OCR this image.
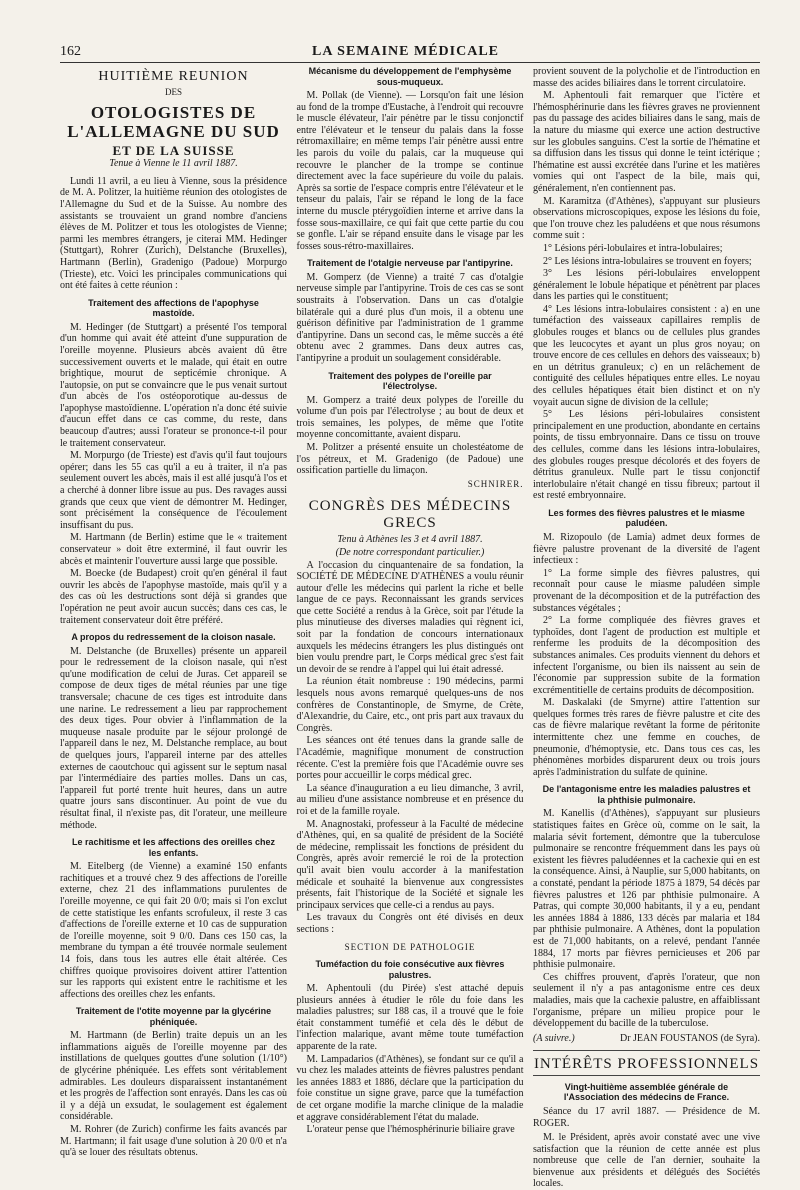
162	LA SEMAINE MÉDICALE
HUITIÈME REUNION
DES
OTOLOGISTES DE L'ALLEMAGNE DU SUD
ET DE LA SUISSE
Tenue à Vienne le 11 avril 1887.

Lundi 11 avril, a eu lieu à Vienne, sous la présidence de M. A. Politzer, la huitième réunion des otologistes de l'Allemagne du Sud et de la Suisse. Au nombre des assistants se trouvaient un grand nombre d'anciens élèves de M. Politzer et tous les otologistes de Vienne; parmi les membres étrangers, je citerai MM. Hedinger (Stuttgart), Rohrer (Zurich), Delstanche (Bruxelles), Hartmann (Berlin), Gradenigo (Padoue) Morpurgo (Trieste), etc. Voici les principales communications qui ont été faites à cette réunion :

Traitement des affections de l'apophyse mastoïde.

M. Hedinger (de Stuttgart) a présenté l'os temporal d'un homme qui avait été atteint d'une suppuration de l'oreille moyenne. Plusieurs abcès avaient dû être successivement ouverts et le malade, qui était en outre brightique, mourut de septicémie chronique. A l'autopsie, on put se convaincre que le pus venait surtout d'un abcès de l'os ostéoporotique au-dessus de l'apophyse mastoïdienne. L'opération n'a donc été suivie d'aucun effet dans ce cas comme, du reste, dans beaucoup d'autres; aussi l'orateur se prononce-t-il pour le traitement conservateur.

M. Morpurgo (de Trieste) est d'avis qu'il faut toujours opérer; dans les 55 cas qu'il a eu à traiter, il n'a pas seulement ouvert les abcès, mais il est allé jusqu'à l'os et a cherché à donner libre issue au pus. Des ravages aussi grands que ceux que vient de démontrer M. Hedinger, sont précisément la conséquence de l'écoulement insuffisant du pus.

M. Hartmann (de Berlin) estime que le « traitement conservateur » doit être exterminé, il faut ouvrir les abcès et maintenir l'ouverture aussi large que possible.

M. Boecke (de Budapest) croit qu'en général il faut ouvrir les abcès de l'apophyse mastoïde, mais qu'il y a des cas où les destructions sont déjà si grandes que l'opération ne peut avoir aucun succès; dans ces cas, le traitement conservateur doit être préféré.

A propos du redressement de la cloison nasale.

M. Delstanche (de Bruxelles) présente un appareil pour le redressement de la cloison nasale, qui n'est qu'une modification de celui de Juras. Cet appareil se compose de deux tiges de métal réunies par une tige transversale; chacune de ces tiges est introduite dans une narine. Le redressement a lieu par rapprochement des deux tiges. Pour obvier à l'inflammation de la muqueuse nasale produite par le séjour prolongé de l'appareil dans le nez, M. Delstanche remplace, au bout de quelques jours, l'appareil interne par des attelles externes de caoutchouc qui agissent sur le septum nasal par l'intermédiaire des parties molles. Dans un cas, l'appareil fut porté trente huit heures, dans un autre quatre jours sans discontinuer. Au point de vue du résultat final, il n'existe pas, dit l'orateur, une meilleure méthode.

Le rachitisme et les affections des oreilles chez les enfants.

M. Eitelberg (de Vienne) a examiné 150 enfants rachitiques et a trouvé chez 9 des affections de l'oreille externe, chez 21 des inflammations purulentes de l'oreille moyenne, ce qui fait 20 0/0; mais si l'on exclut de cette statistique les enfants scrofuleux, il reste 3 cas d'affections de l'oreille externe et 10 cas de suppuration de l'oreille moyenne, soit 9 0/0. Dans ces 150 cas, la membrane du tympan a été trouvée normale seulement 14 fois, dans tous les autres elle était altérée. Ces chiffres quoique provisoires doivent attirer l'attention sur les rapports qui existent entre le rachitisme et les affections des oreilles chez les enfants.

Traitement de l'otite moyenne par la glycérine phéniquée.

M. Hartmann (de Berlin) traite depuis un an les inflammations aiguës de l'oreille moyenne par des instillations de quelques gouttes d'une solution (1/10°) de glycérine phéniquée. Les effets sont véritablement admirables. Les douleurs disparaissent instantanément et les progrès de l'affection sont enrayés. Dans les cas où il y a déjà un exsudat, le soulagement est également considérable.

M. Rohrer (de Zurich) confirme les faits avancés par M. Hartmann; il fait usage d'une solution à 20 0/0 et n'a qu'à se louer des résultats obtenus.

Mécanisme du développement de l'emphysème sous-muqueux.

M. Pollak (de Vienne). — Lorsqu'on fait une lésion au fond de la trompe d'Eustache, à l'endroit qui recouvre le muscle élévateur, l'air pénètre par le tissu conjonctif entre l'élévateur et le tenseur du palais dans la fosse rétromaxillaire; en même temps l'air pénètre aussi entre les parois du voile du palais, car la muqueuse qui recouvre le plancher de la trompe se continue directement avec la face supérieure du voile du palais. Après sa sortie de l'espace compris entre l'élévateur et le tenseur du palais, l'air se répand le long de la face interne du muscle ptérygoïdien interne et arrive dans la fosse sous-maxillaire, ce qui fait que cette partie du cou se gonfle. L'air se répand ensuite dans le visage par les fosses sous-rétro-maxillaires.

Traitement de l'otalgie nerveuse par l'antipyrine.

M. Gomperz (de Vienne) a traité 7 cas d'otalgie nerveuse simple par l'antipyrine. Trois de ces cas se sont soustraits à l'observation. Dans un cas d'otalgie bilatérale qui a duré plus d'un mois, il a obtenu une guérison définitive par l'administration de 1 gramme d'antipyrine. Dans un second cas, le même succès a été obtenu avec 2 grammes. Dans deux autres cas, l'antipyrine a produit un soulagement considérable.

Traitement des polypes de l'oreille par l'électrolyse.

M. Gomperz a traité deux polypes de l'oreille du volume d'un pois par l'électrolyse ; au bout de deux et trois semaines, les polypes, de même que l'otite moyenne concomittante, avaient disparu.

M. Politzer a présenté ensuite un cholestéatome de l'os pétreux, et M. Gradenigo (de Padoue) une ossification partielle du limaçon.

SCHNIRER.
CONGRÈS DES MÉDECINS GRECS
Tenu à Athènes les 3 et 4 avril 1887.
(De notre correspondant particulier.)

A l'occasion du cinquantenaire de sa fondation, la SOCIÉTÉ DE MÉDECINE D'ATHÈNES a voulu réunir autour d'elle les médecins qui parlent la riche et belle langue de ce pays. Reconnaissant les grands services que cette Société a rendus à la Grèce, soit par l'étude la plus minutieuse des diverses maladies qui règnent ici, soit par la fondation de concours internationaux auxquels les médecins étrangers les plus distingués ont bien voulu prendre part, le Corps médical grec s'est fait un devoir de se rendre à l'appel qui lui était adressé.

La réunion était nombreuse : 190 médecins, parmi lesquels nous avons remarqué quelques-uns de nos confrères de Constantinople, de Smyrne, de Crète, d'Alexandrie, du Caire, etc., ont pris part aux travaux du Congrès.

Les séances ont été tenues dans la grande salle de l'Académie, magnifique monument de construction récente. C'est la première fois que l'Académie ouvre ses portes pour accueillir le corps médical grec.

La séance d'inauguration a eu lieu dimanche, 3 avril, au milieu d'une assistance nombreuse et en présence du roi et de la famille royale.

M. Anagnostaki, professeur à la Faculté de médecine d'Athènes, qui, en sa qualité de président de la Société de médecine, remplissait les fonctions de président du Congrès, après avoir remercié le roi de la protection qu'il avait bien voulu accorder à la manifestation médicale et souhaité la bienvenue aux congressistes présents, fait l'historique de la Société et signale les principaux services que celle-ci a rendus au pays.

Les travaux du Congrès ont été divisés en deux sections :

SECTION DE PATHOLOGIE
Tuméfaction du foie consécutive aux fièvres palustres.

M. Aphentouli (du Pirée) s'est attaché depuis plusieurs années à étudier le rôle du foie dans les maladies palustres; sur 188 cas, il a trouvé que le foie était constamment tuméfié et cela dès le début de l'infection malarique, avant même toute tuméfaction apparente de la rate.

M. Lampadarios (d'Athènes), se fondant sur ce qu'il a vu chez les malades atteints de fièvres palustres pendant les années 1883 et 1886, déclare que la participation du foie constitue un signe grave, parce que la tuméfaction de cet organe modifie la marche clinique de la maladie et aggrave considérablement l'état du malade.

L'orateur pense que l'hémosphérinurie biliaire grave

provient souvent de la polycholie et de l'introduction en masse des acides biliaires dans le torrent circulatoire.

M. Aphentouli fait remarquer que l'ictère et l'hémosphérinurie dans les fièvres graves ne proviennent pas du passage des acides biliaires dans le sang, mais de la nature du miasme qui exerce une action destructive sur les globules sanguins. C'est la sortie de l'hématine et sa diffusion dans les tissus qui donne le teint ictérique ; l'hématine est aussi excrétée dans l'urine et les matières vomies qui ont l'aspect de la bile, mais qui, généralement, n'en contiennent pas.

M. Karamitza (d'Athènes), s'appuyant sur plusieurs observations microscopiques, expose les lésions du foie, que l'on trouve chez les paludéens et que nous résumons comme suit :

1° Lésions péri-lobulaires et intra-lobulaires;

2° Les lésions intra-lobulaires se trouvent en foyers;

3° Les lésions péri-lobulaires enveloppent généralement le lobule hépatique et pénètrent par places dans les parties qui le constituent;

4° Les lésions intra-lobulaires consistent : a) en une tuméfaction des vaisseaux capillaires remplis de globules rouges et blancs ou de cellules plus grandes que les leucocytes et ayant un plus gros noyau; on trouve encore de ces cellules en dehors des vaisseaux; b) en un détritus granuleux; c) en un relâchement de contiguité des cellules hépatiques entre elles. Le noyau des cellules hépatiques était bien distinct et on n'y voyait aucun signe de division de la cellule;

5° Les lésions péri-lobulaires consistent principalement en une production, abondante en certains points, de tissu embryonnaire. Dans ce tissu on trouve des cellules, comme dans les lésions intra-lobulaires, des globules rouges presque décolorés et des foyers de détritus granuleux. Nulle part le tissu conjonctif interlobulaire n'était changé en tissu fibreux; partout il est resté embryonnaire.

Les formes des fièvres palustres et le miasme paludéen.

M. Rizopoulo (de Lamia) admet deux formes de fièvre palustre provenant de la diversité de l'agent infectieux :

1° La forme simple des fièvres palustres, qui reconnaît pour cause le miasme paludéen simple provenant de la décomposition et de la putréfaction des substances végétales ;

2° La forme compliquée des fièvres graves et typhoïdes, dont l'agent de production est multiple et renferme les produits de la décomposition des substances animales. Ces produits viennent du dehors et infectent l'organisme, ou bien ils naissent au sein de l'économie par suppression subite de la formation excrémentitielle de certains produits de décomposition.

M. Daskalaki (de Smyrne) attire l'attention sur quelques formes très rares de fièvre palustre et cite des cas de fièvre malarique revêtant la forme de péritonite intermittente chez une femme en couches, de pneumonie, d'hémoptysie, etc. Dans tous ces cas, les phénomènes morbides disparurent deux ou trois jours après l'administration du sulfate de quinine.

De l'antagonisme entre les maladies palustres et la phthisie pulmonaire.

M. Kanellis (d'Athènes), s'appuyant sur plusieurs statistiques faites en Grèce où, comme on le sait, la malaria sévit fortement, démontre que la tuberculose pulmonaire se rencontre fréquemment dans les pays où existent les fièvres paludéennes et la cachexie qui en est la conséquence. Ainsi, à Nauplie, sur 5,000 habitants, on a constaté, pendant la période 1875 à 1879, 54 décès par fièvres palustres et 126 par phthisie pulmonaire. A Patras, qui compte 30,000 habitants, il y a eu, pendant les années 1884 à 1886, 133 décès par malaria et 184 par phthisie pulmonaire. A Athènes, dont la population est de 71,000 habitants, on a relevé, pendant l'année 1884, 17 morts par fièvres pernicieuses et 206 par phthisie pulmonaire.

Ces chiffres prouvent, d'après l'orateur, que non seulement il n'y a pas antagonisme entre ces deux maladies, mais que la cachexie palustre, en affaiblissant l'organisme, prépare un milieu propice pour le développement du bacille de la tuberculose.

(A suivre.)	Dr JEAN FOUSTANOS (de Syra).
INTÉRÊTS PROFESSIONNELS
Vingt-huitième assemblée générale de l'Association des médecins de France.
Séance du 17 avril 1887. — Présidence de M. ROGER.

M. le Président, après avoir constaté avec une vive satisfaction que la réunion de cette année est plus nombreuse que celle de l'an dernier, souhaite la bienvenue aux présidents et délégués des Sociétés locales.
